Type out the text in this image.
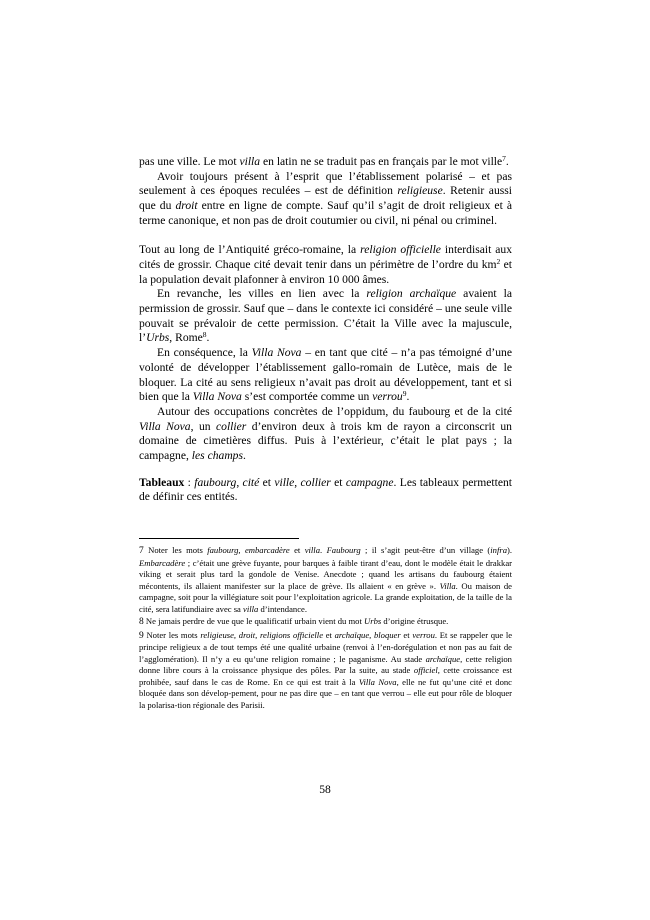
pas une ville. Le mot villa en latin ne se traduit pas en français par le mot ville$^7$.

Avoir toujours présent à l’esprit que l’établissement polarisé – et pas seulement à ces époques reculées – est de définition religieuse. Retenir aussi que du droit entre en ligne de compte. Sauf qu’il s’agit de droit religieux et à terme canonique, et non pas de droit coutumier ou civil, ni pénal ou criminel.

Tout au long de l’Antiquité gréco-romaine, la religion officielle interdisait aux cités de grossir. Chaque cité devait tenir dans un périmètre de l’ordre du $km^2$ et la population devait plafonner à environ 10 000 âmes.

En revanche, les villes en lien avec la religion archaïque avaient la permission de grossir. Sauf que – dans le contexte ici considéré – une seule ville pouvait se prévaloir de cette permission. C’était la Ville avec la majuscule, l’Urbs, Rome$^8$.

En conséquence, la Villa Nova – en tant que cité – n’a pas témoigné d’une volonté de développer l’établissement gallo-romain de Lutèce, mais de le bloquer. La cité au sens religieux n’avait pas droit au développement, tant et si bien que la Villa Nova s’est comportée comme un verrou$^9$.

Autour des occupations concrètes de l’oppidum, du faubourg et de la cité Villa Nova, un collier d’environ deux à trois km de rayon a circonscrit un domaine de cimetières diffus. Puis à l’extérieur, c’était le plat pays ; la campagne, les champs.

Tableaux : faubourg, cité et ville, collier et campagne. Les tableaux permettent de définir ces entités.

7 Noter les mots faubourg, embarcadère et villa. Faubourg ; il s’agit peut-être d’un village (infra). Embarcadère ; c’était une grève fuyante, pour barques à faible tirant d’eau, dont le modèle était le drakkar viking et serait plus tard la gondole de Venise. Anecdote ; quand les artisans du faubourg étaient mécontents, ils allaient manifester sur la place de grève. Ils allaient « en grève ». Villa. Ou maison de campagne, soit pour la villégiature soit pour l’exploitation agricole. La grande exploitation, de la taille de la cité, sera latifundiaire avec sa villa d’intendance.

8 Ne jamais perdre de vue que le qualificatif urbain vient du mot Urbs d’origine étrusque.

9 Noter les mots religieuse, droit, religions officielle et archaïque, bloquer et verrou. Et se rappeler que le principe religieux a de tout temps été une qualité urbaine (renvoi à l’en-dorégulation et non pas au fait de l’agglomération). Il n’y a eu qu’une religion romaine ; le paganisme. Au stade archaïque, cette religion donne libre cours à la croissance physique des pôles. Par la suite, au stade officiel, cette croissance est prohibée, sauf dans le cas de Rome. En ce qui est trait à la Villa Nova, elle ne fut qu’une cité et donc bloquée dans son dévelop-pement, pour ne pas dire que – en tant que verrou – elle eut pour rôle de bloquer la polarisa-tion régionale des Parisii.

58
